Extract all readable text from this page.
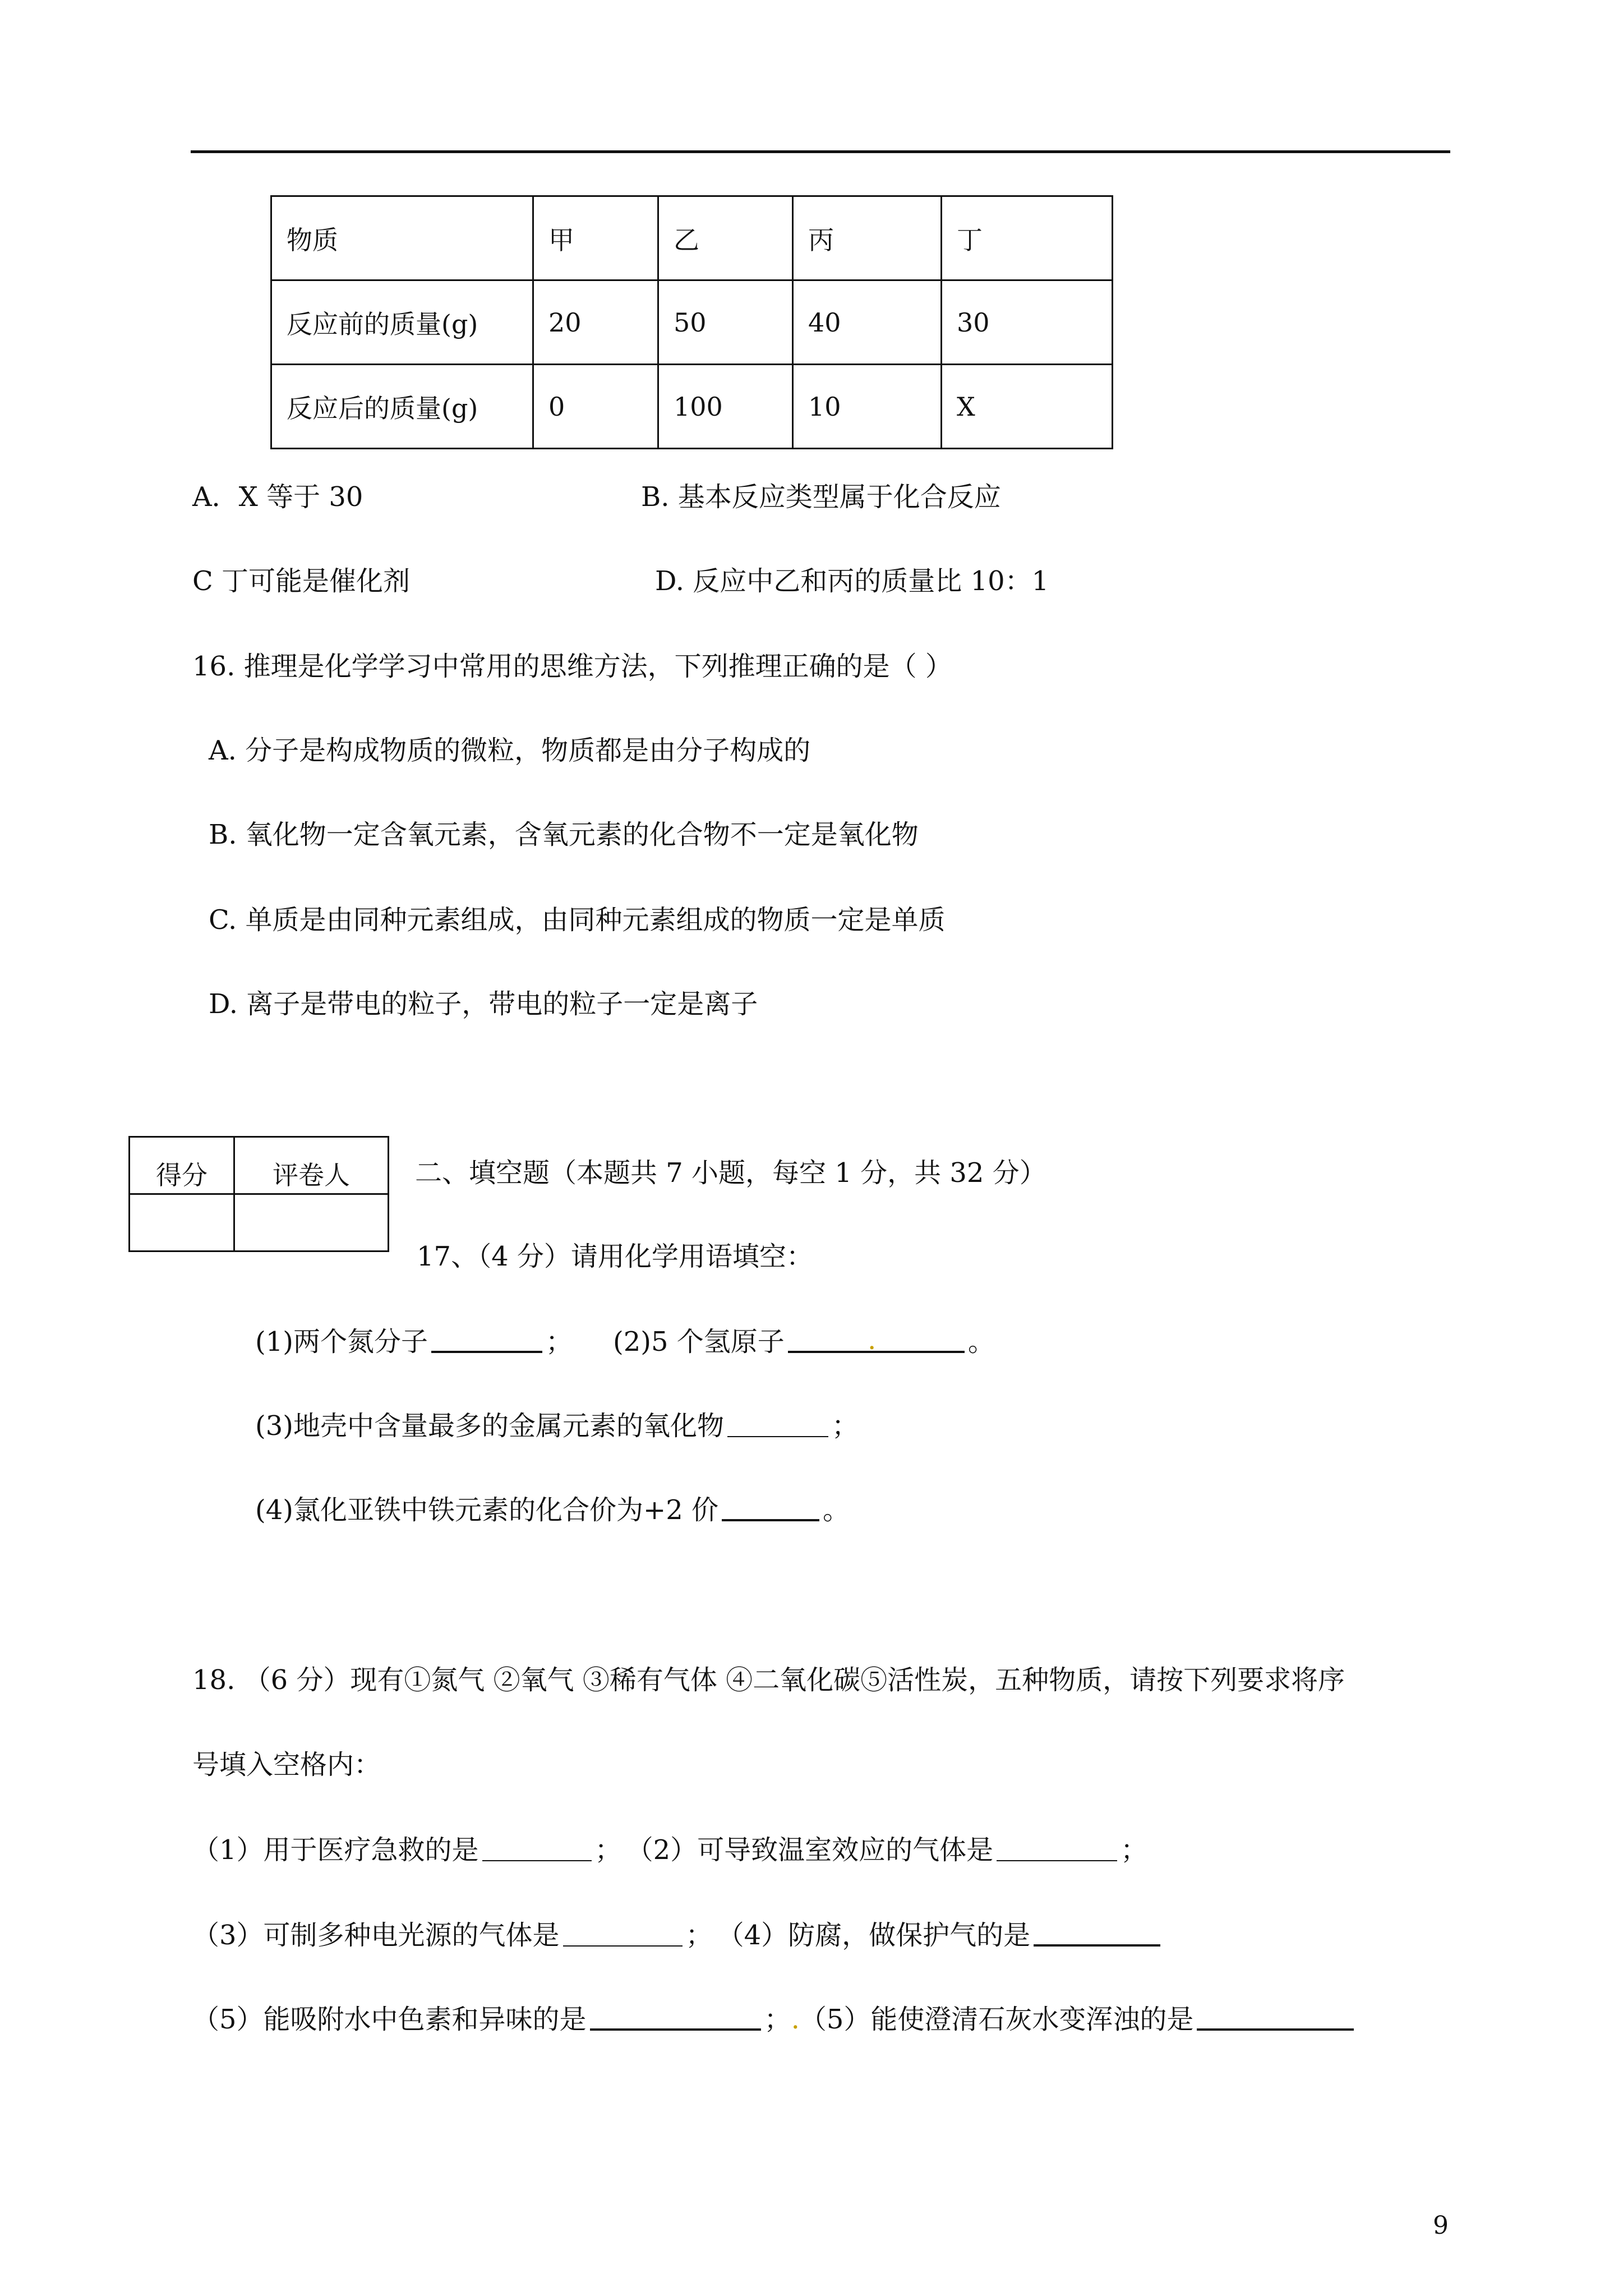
物质	甲	乙	丙	丁
反应前的质量(g)	20	50	40	30
反应后的质量(g)	0	100	10	X
A．X 等于 30	B. 基本反应类型属于化合反应
C 丁可能是催化剂	D. 反应中乙和丙的质量比 10：1
16. 推理是化学学习中常用的思维方法，下列推理正确的是（ ）
A. 分子是构成物质的微粒，物质都是由分子构成的
B. 氧化物一定含氧元素，含氧元素的化合物不一定是氧化物
C. 单质是由同种元素组成，由同种元素组成的物质一定是单质
D. 离子是带电的粒子，带电的粒子一定是离子
得分	评卷人
	二、填空题（本题共 7 小题，每空 1 分，共 32 分）
17、（4 分）请用化学用语填空：
(1)两个氮分子	； (2)5 个氢原子	。
.
(3)地壳中含量最多的金属元素的氧化物	；
(4)氯化亚铁中铁元素的化合价为+2 价	。
18. （6 分）现有①氮气 ②氧气 ③稀有气体 ④二氧化碳⑤活性炭，五种物质，请按下列要求将序
号填入空格内：
（1）用于医疗急救的是	； （2）可导致温室效应的气体是	；
（3）可制多种电光源的气体是	； （4）防腐，做保护气的是
（5）能吸附水中色素和异味的是	；.（5）能使澄清石灰水变浑浊的是
9
